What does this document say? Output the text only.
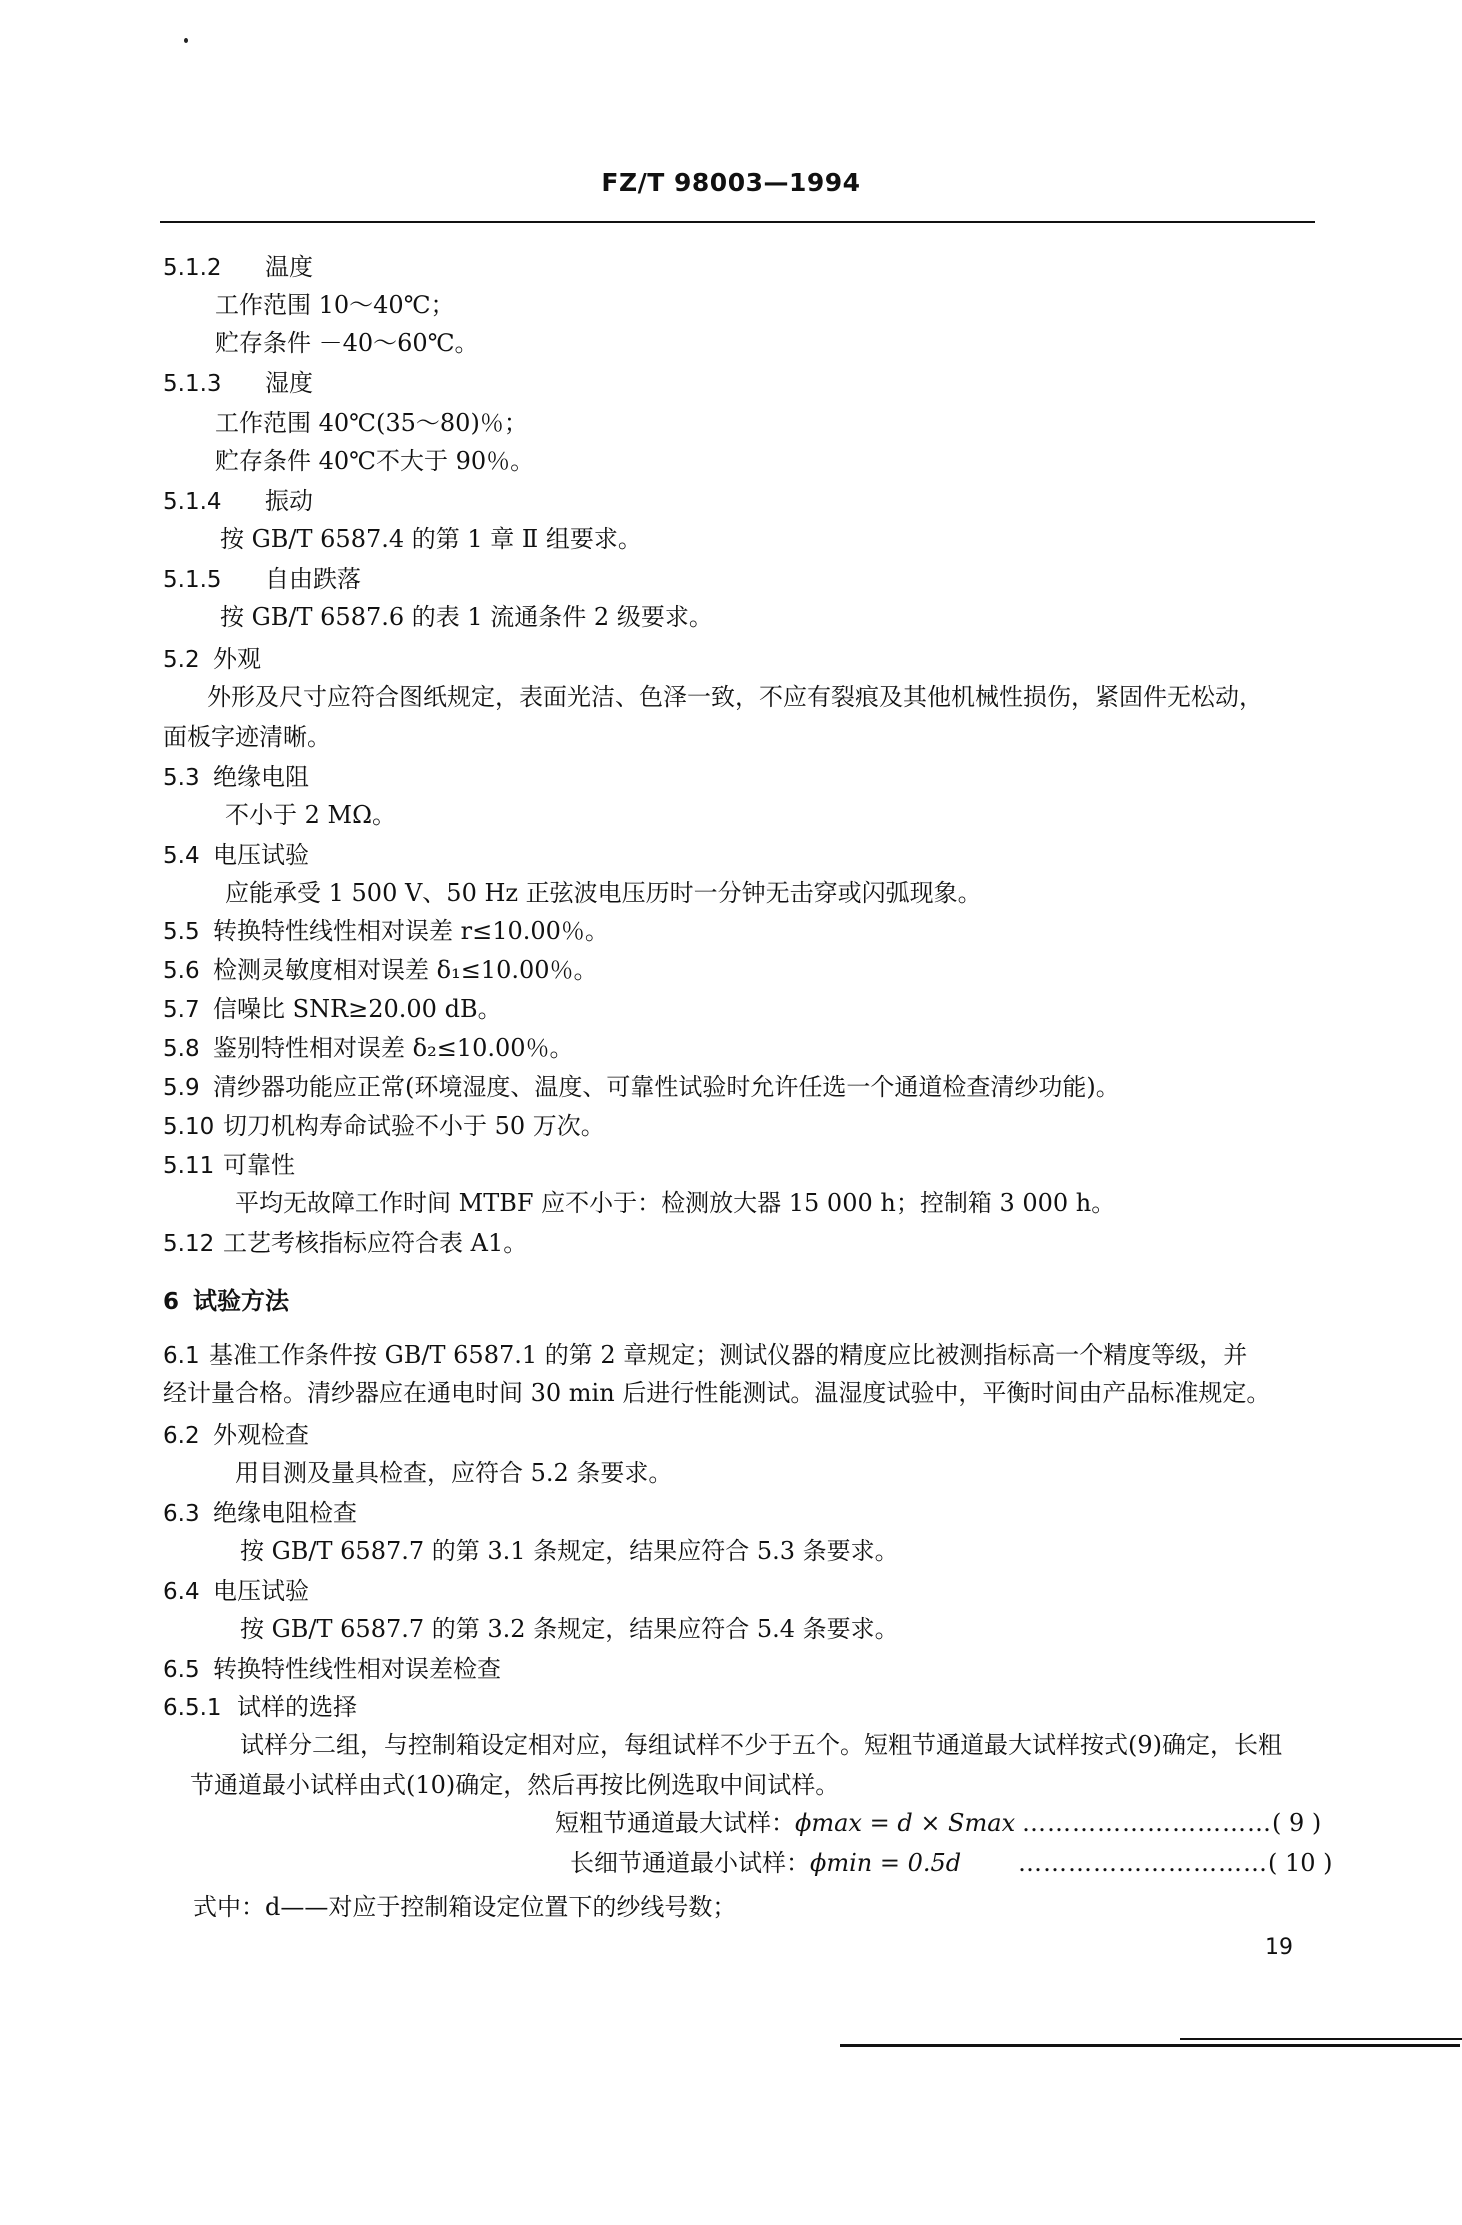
FZ/T 98003—1994
5.1.2 温度
工作范围 10～40℃；
贮存条件 －40～60℃。
5.1.3 湿度
工作范围 40℃(35～80)％；
贮存条件 40℃不大于 90％。
5.1.4 振动
按 GB/T 6587.4 的第 1 章 Ⅱ 组要求。
5.1.5 自由跌落
按 GB/T 6587.6 的表 1 流通条件 2 级要求。
5.2 外观
外形及尺寸应符合图纸规定，表面光洁、色泽一致，不应有裂痕及其他机械性损伤，紧固件无松动，
面板字迹清晰。
5.3 绝缘电阻
不小于 2 MΩ。
5.4 电压试验
应能承受 1 500 V、50 Hz 正弦波电压历时一分钟无击穿或闪弧现象。
5.5 转换特性线性相对误差 r≤10.00％。
5.6 检测灵敏度相对误差 δ₁≤10.00％。
5.7 信噪比 SNR≥20.00 dB。
5.8 鉴别特性相对误差 δ₂≤10.00％。
5.9 清纱器功能应正常(环境湿度、温度、可靠性试验时允许任选一个通道检查清纱功能)。
5.10 切刀机构寿命试验不小于 50 万次。
5.11 可靠性
平均无故障工作时间 MTBF 应不小于：检测放大器 15 000 h；控制箱 3 000 h。
5.12 工艺考核指标应符合表 A1。
6 试验方法
6.1 基准工作条件按 GB/T 6587.1 的第 2 章规定；测试仪器的精度应比被测指标高一个精度等级，并
经计量合格。清纱器应在通电时间 30 min 后进行性能测试。温湿度试验中，平衡时间由产品标准规定。
6.2 外观检查
用目测及量具检查，应符合 5.2 条要求。
6.3 绝缘电阻检查
按 GB/T 6587.7 的第 3.1 条规定，结果应符合 5.3 条要求。
6.4 电压试验
按 GB/T 6587.7 的第 3.2 条规定，结果应符合 5.4 条要求。
6.5 转换特性线性相对误差检查
6.5.1 试样的选择
试样分二组，与控制箱设定相对应，每组试样不少于五个。短粗节通道最大试样按式(9)确定，长粗
节通道最小试样由式(10)确定，然后再按比例选取中间试样。
短粗节通道最大试样：ϕmax = d × Smax …………………………( 9 )
长细节通道最小试样：ϕmin = 0.5d …………………………( 10 )
式中：d——对应于控制箱设定位置下的纱线号数；
19
